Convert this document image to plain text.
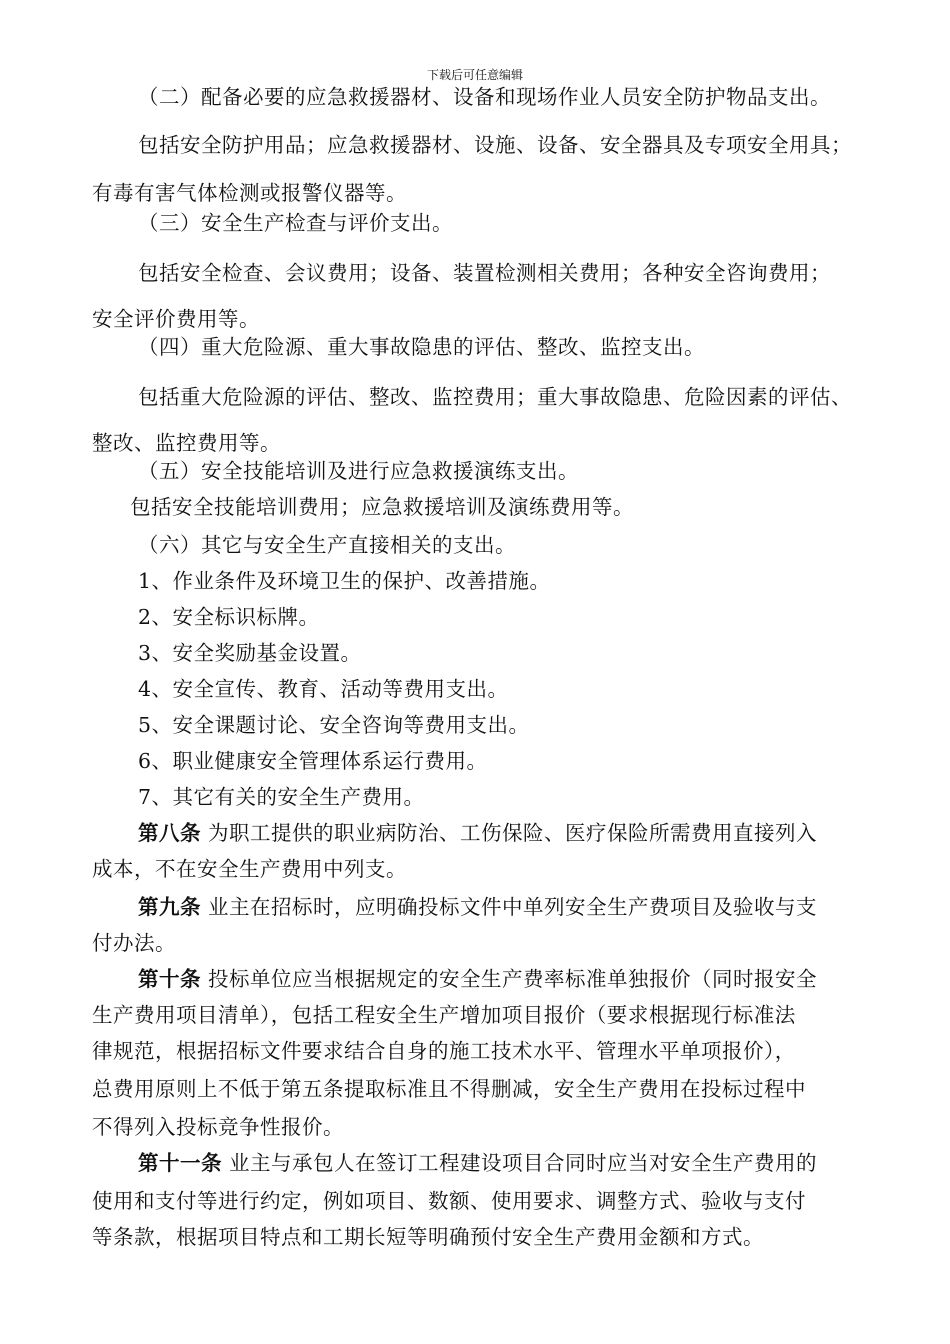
下载后可任意编辑
（二）配备必要的应急救援器材、设备和现场作业人员安全防护物品支出。
包括安全防护用品；应急救援器材、设施、设备、安全器具及专项安全用具；
有毒有害气体检测或报警仪器等。
（三）安全生产检查与评价支出。
包括安全检查、会议费用；设备、装置检测相关费用；各种安全咨询费用；
安全评价费用等。
（四）重大危险源、重大事故隐患的评估、整改、监控支出。
包括重大危险源的评估、整改、监控费用；重大事故隐患、危险因素的评估、
整改、监控费用等。
（五）安全技能培训及进行应急救援演练支出。
包括安全技能培训费用；应急救援培训及演练费用等。
（六）其它与安全生产直接相关的支出。
1、作业条件及环境卫生的保护、改善措施。
2、安全标识标牌。
3、安全奖励基金设置。
4、安全宣传、教育、活动等费用支出。
5、安全课题讨论、安全咨询等费用支出。
6、职业健康安全管理体系运行费用。
7、其它有关的安全生产费用。
第八条 为职工提供的职业病防治、工伤保险、医疗保险所需费用直接列入
成本，不在安全生产费用中列支。
第九条 业主在招标时，应明确投标文件中单列安全生产费项目及验收与支
付办法。
第十条 投标单位应当根据规定的安全生产费率标准单独报价（同时报安全
生产费用项目清单），包括工程安全生产增加项目报价（要求根据现行标准法
律规范，根据招标文件要求结合自身的施工技术水平、管理水平单项报价），
总费用原则上不低于第五条提取标准且不得删减，安全生产费用在投标过程中
不得列入投标竞争性报价。
第十一条 业主与承包人在签订工程建设项目合同时应当对安全生产费用的
使用和支付等进行约定，例如项目、数额、使用要求、调整方式、验收与支付
等条款，根据项目特点和工期长短等明确预付安全生产费用金额和方式。
